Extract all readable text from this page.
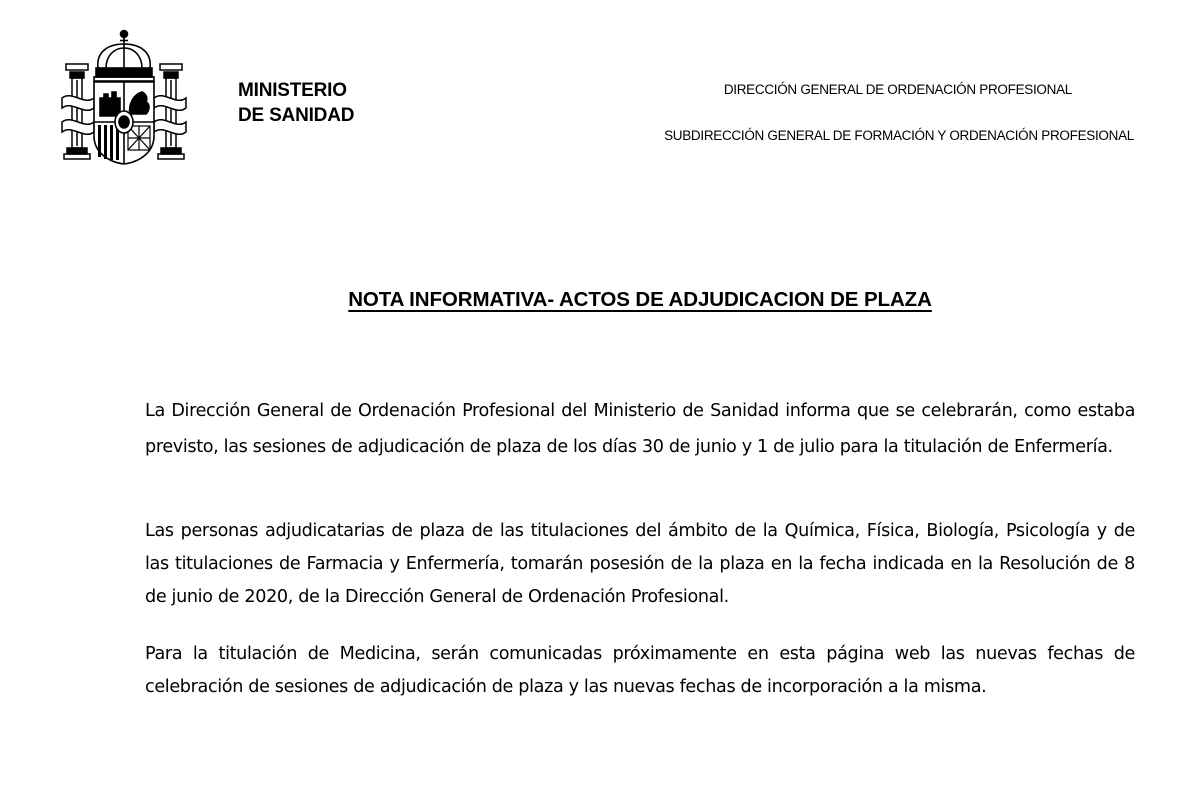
MINISTERIO
DE SANIDAD
DIRECCIÓN GENERAL DE ORDENACIÓN PROFESIONAL
SUBDIRECCIÓN GENERAL DE FORMACIÓN Y ORDENACIÓN PROFESIONAL
NOTA INFORMATIVA- ACTOS DE ADJUDICACION DE PLAZA

La Dirección General de Ordenación Profesional del Ministerio de Sanidad informa que se celebrarán, como estaba previsto, las sesiones de adjudicación de plaza de los días 30 de junio y 1 de julio para la titulación de Enfermería.

Las personas adjudicatarias de plaza de las titulaciones del ámbito de la Química, Física, Biología, Psicología y de las titulaciones de Farmacia y Enfermería, tomarán posesión de la plaza en la fecha indicada en la Resolución de 8 de junio de 2020, de la Dirección General de Ordenación Profesional.

Para la titulación de Medicina, serán comunicadas próximamente en esta página web las nuevas fechas de celebración de sesiones de adjudicación de plaza y las nuevas fechas de incorporación a la misma.
